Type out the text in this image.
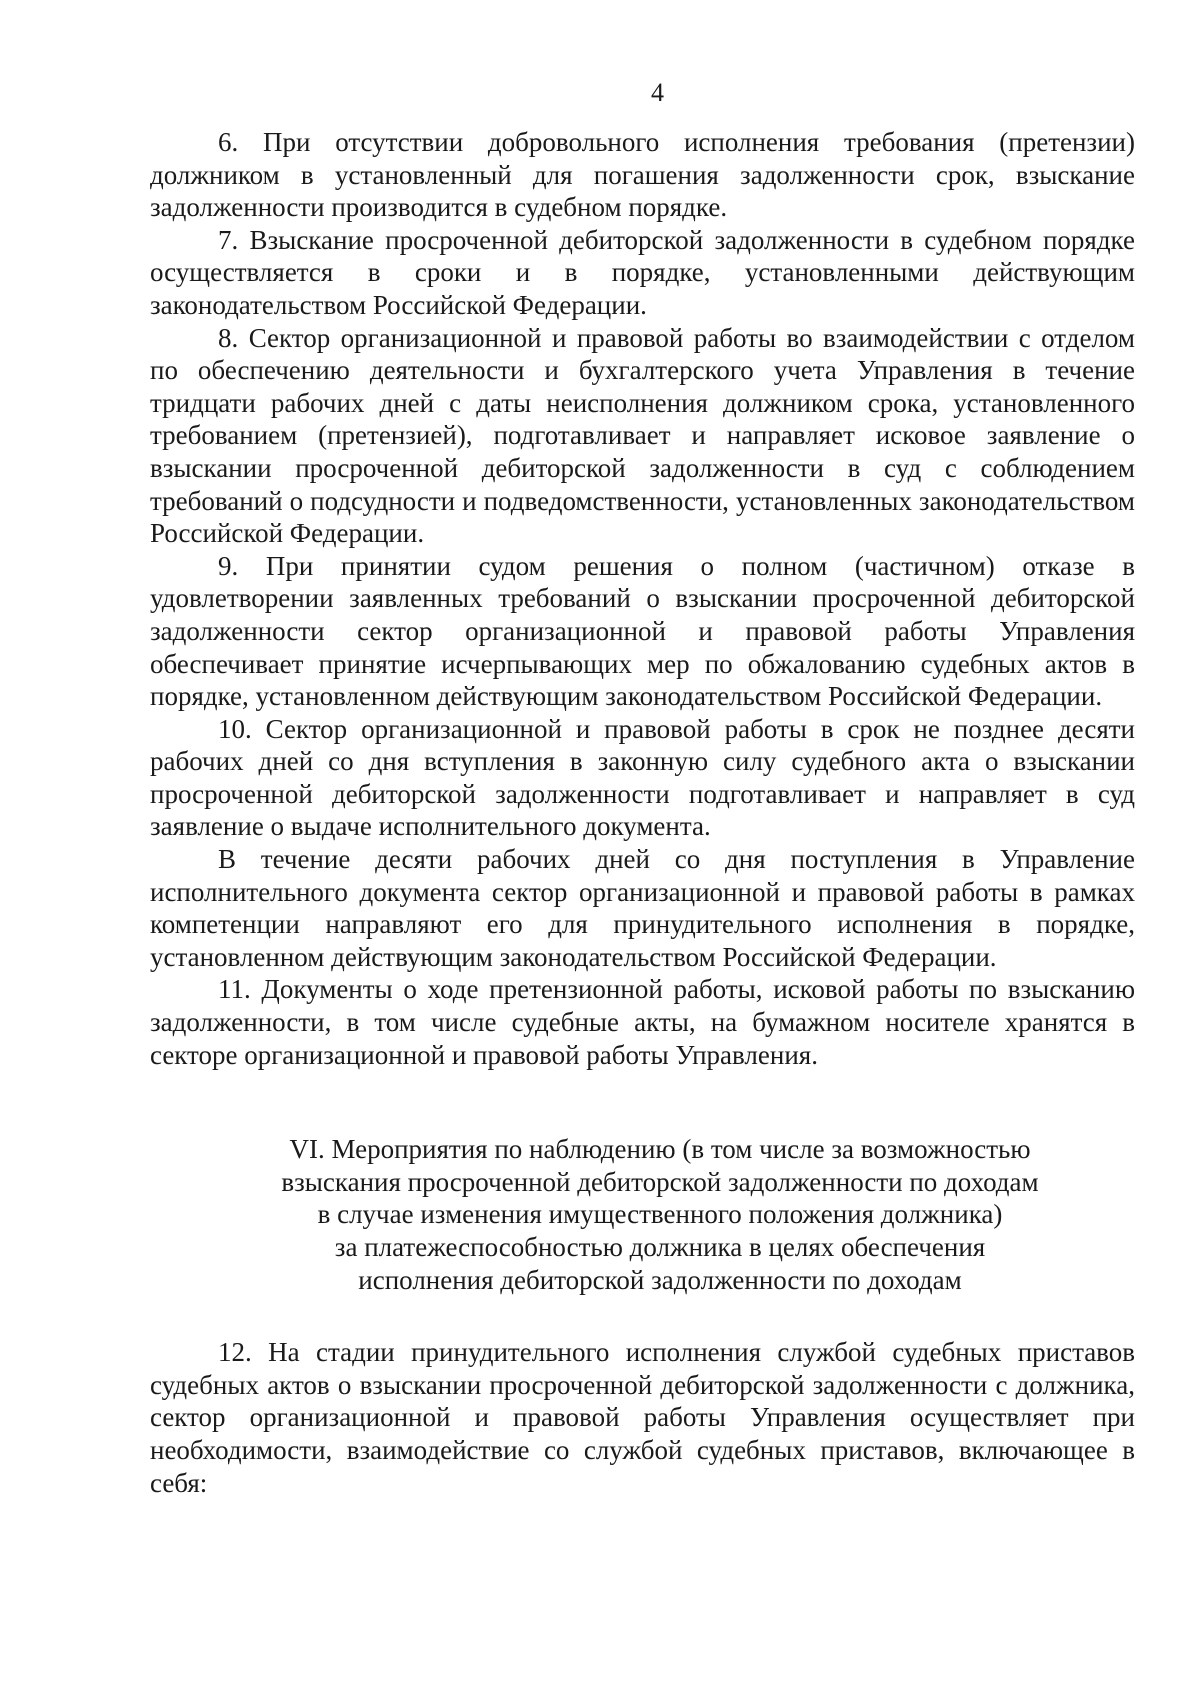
4

6. При отсутствии добровольного исполнения требования (претензии) должником в установленный для погашения задолженности срок, взыскание задолженности производится в судебном порядке.

7. Взыскание просроченной дебиторской задолженности в судебном порядке осуществляется в сроки и в порядке, установленными действующим законодательством Российской Федерации.

8. Сектор организационной и правовой работы во взаимодействии с отделом по обеспечению деятельности и бухгалтерского учета Управления в течение тридцати рабочих дней с даты неисполнения должником срока, установленного требованием (претензией), подготавливает и направляет исковое заявление о взыскании просроченной дебиторской задолженности в суд с соблюдением требований о подсудности и подведомственности, установленных законодательством Российской Федерации.

9. При принятии судом решения о полном (частичном) отказе в удовлетворении заявленных требований о взыскании просроченной дебиторской задолженности сектор организационной и правовой работы Управления обеспечивает принятие исчерпывающих мер по обжалованию судебных актов в порядке, установленном действующим законодательством Российской Федерации.

10. Сектор организационной и правовой работы в срок не позднее десяти рабочих дней со дня вступления в законную силу судебного акта о взыскании просроченной дебиторской задолженности подготавливает и направляет в суд заявление о выдаче исполнительного документа.

В течение десяти рабочих дней со дня поступления в Управление исполнительного документа сектор организационной и правовой работы в рамках компетенции направляют его для принудительного исполнения в порядке, установленном действующим законодательством Российской Федерации.

11. Документы о ходе претензионной работы, исковой работы по взысканию задолженности, в том числе судебные акты, на бумажном носителе хранятся в секторе организационной и правовой работы Управления.

VI. Мероприятия по наблюдению (в том числе за возможностью
взыскания просроченной дебиторской задолженности по доходам
в случае изменения имущественного положения должника)
за платежеспособностью должника в целях обеспечения
исполнения дебиторской задолженности по доходам

12. На стадии принудительного исполнения службой судебных приставов судебных актов о взыскании просроченной дебиторской задолженности с должника, сектор организационной и правовой работы Управления осуществляет при необходимости, взаимодействие со службой судебных приставов, включающее в себя:
